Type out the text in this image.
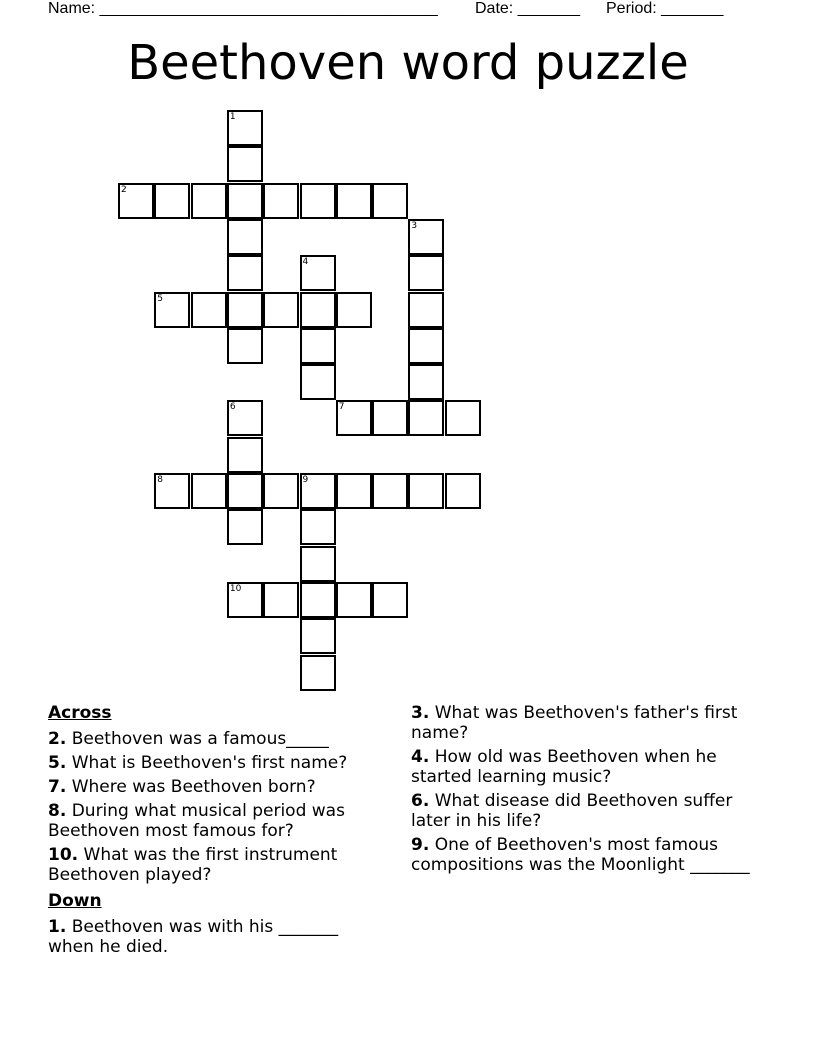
Name: ______________________________________ Date: _______ Period: _______
Beethoven word puzzle
1
2
3
4
5
6	7
8	9
10
Across
2. Beethoven was a famous_____
5. What is Beethoven's first name?
7. Where was Beethoven born?
8. During what musical period was Beethoven most famous for?
10. What was the first instrument Beethoven played?
Down
1. Beethoven was with his _______ when he died.
3. What was Beethoven's father's first name?
4. How old was Beethoven when he started learning music?
6. What disease did Beethoven suffer later in his life?
9. One of Beethoven's most famous compositions was the Moonlight _______
